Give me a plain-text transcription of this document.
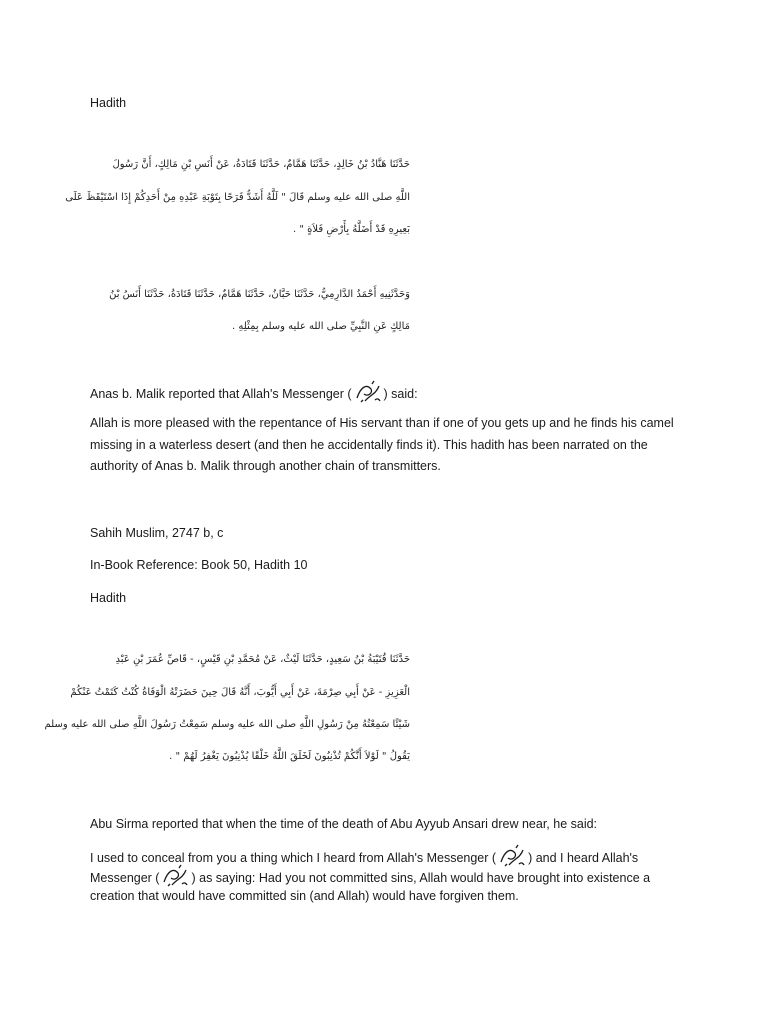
Hadith
حَدَّثَنَا هَنَّادُ بْنُ خَالِدٍ، حَدَّثَنَا هَمَّامٌ، حَدَّثَنَا قَتَادَةُ، عَنْ أَنَسِ بْنِ مَالِكٍ، أَنَّ رَسُولَ
اللَّهِ صلى الله عليه وسلم قَالَ " لَلَّهُ أَشَدُّ فَرَحًا بِتَوْبَةِ عَبْدِهِ مِنْ أَحَدِكُمْ إِذَا اسْتَيْقَظَ عَلَى
بَعِيرِهِ قَدْ أَضَلَّهُ بِأَرْضِ فَلاَةٍ " .
وَحَدَّثَنِيهِ أَحْمَدُ الدَّارِمِيُّ، حَدَّثَنَا حَبَّانُ، حَدَّثَنَا هَمَّامٌ، حَدَّثَنَا قَتَادَةُ، حَدَّثَنَا أَنَسُ بْنُ
مَالِكٍ عَنِ النَّبِيِّ صلى الله عليه وسلم بِمِثْلِهِ .
Anas b. Malik reported that Allah's Messenger (	) said:
Allah is more pleased with the repentance of His servant than if one of you gets up and he finds his camel missing in a waterless desert (and then he accidentally finds it). This hadith has been narrated on the authority of Anas b. Malik through another chain of transmitters.
Sahih Muslim, 2747 b, c
In-Book Reference: Book 50, Hadith 10
Hadith
حَدَّثَنَا قُتَيْبَةُ بْنُ سَعِيدٍ، حَدَّثَنَا لَيْثٌ، عَنْ مُحَمَّدِ بْنِ قَيْسٍ، - قَاصِّ عُمَرَ بْنِ عَبْدِ
الْعَزِيزِ - عَنْ أَبِي صِرْمَةَ، عَنْ أَبِي أَيُّوبَ، أَنَّهُ قَالَ حِينَ حَضَرَتْهُ الْوَفَاةُ كُنْتُ كَتَمْتُ عَنْكُمْ
شَيْئًا سَمِعْتُهُ مِنْ رَسُولِ اللَّهِ صلى الله عليه وسلم سَمِعْتُ رَسُولَ اللَّهِ صلى الله عليه وسلم
يَقُولُ " لَوْلاَ أَنَّكُمْ تُذْنِبُونَ لَخَلَقَ اللَّهُ خَلْقًا يُذْنِبُونَ يَغْفِرُ لَهُمْ " .
Abu Sirma reported that when the time of the death of Abu Ayyub Ansari drew near, he said:
I used to conceal from you a thing which I heard from Allah's Messenger (	) and I heard Allah's
Messenger (	) as saying: Had you not committed sins, Allah would have brought into existence a
creation that would have committed sin (and Allah) would have forgiven them.
